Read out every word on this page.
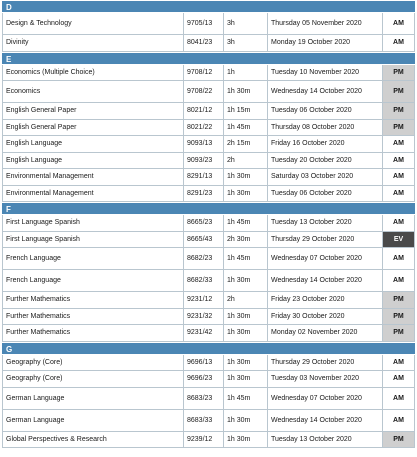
D
Design & Technology	9705/13	3h	Thursday 05 November 2020	AM
Divinity	8041/23	3h	Monday 19 October 2020	AM
E
Economics (Multiple Choice)	9708/12	1h	Tuesday 10 November 2020	PM
Economics	9708/22	1h 30m	Wednesday 14 October 2020	PM
English General Paper	8021/12	1h 15m	Tuesday 06 October 2020	PM
English General Paper	8021/22	1h 45m	Thursday 08 October 2020	PM
English Language	9093/13	2h 15m	Friday 16 October 2020	AM
English Language	9093/23	2h	Tuesday 20 October 2020	AM
Environmental Management	8291/13	1h 30m	Saturday 03 October 2020	AM
Environmental Management	8291/23	1h 30m	Tuesday 06 October 2020	AM
F
First Language Spanish	8665/23	1h 45m	Tuesday 13 October 2020	AM
First Language Spanish	8665/43	2h 30m	Thursday 29 October 2020	EV
French Language	8682/23	1h 45m	Wednesday 07 October 2020	AM
French Language	8682/33	1h 30m	Wednesday 14 October 2020	AM
Further Mathematics	9231/12	2h	Friday 23 October 2020	PM
Further Mathematics	9231/32	1h 30m	Friday 30 October 2020	PM
Further Mathematics	9231/42	1h 30m	Monday 02 November 2020	PM
G
Geography (Core)	9696/13	1h 30m	Thursday 29 October 2020	AM
Geography (Core)	9696/23	1h 30m	Tuesday 03 November 2020	AM
German Language	8683/23	1h 45m	Wednesday 07 October 2020	AM
German Language	8683/33	1h 30m	Wednesday 14 October 2020	AM
Global Perspectives & Research	9239/12	1h 30m	Tuesday 13 October 2020	PM
